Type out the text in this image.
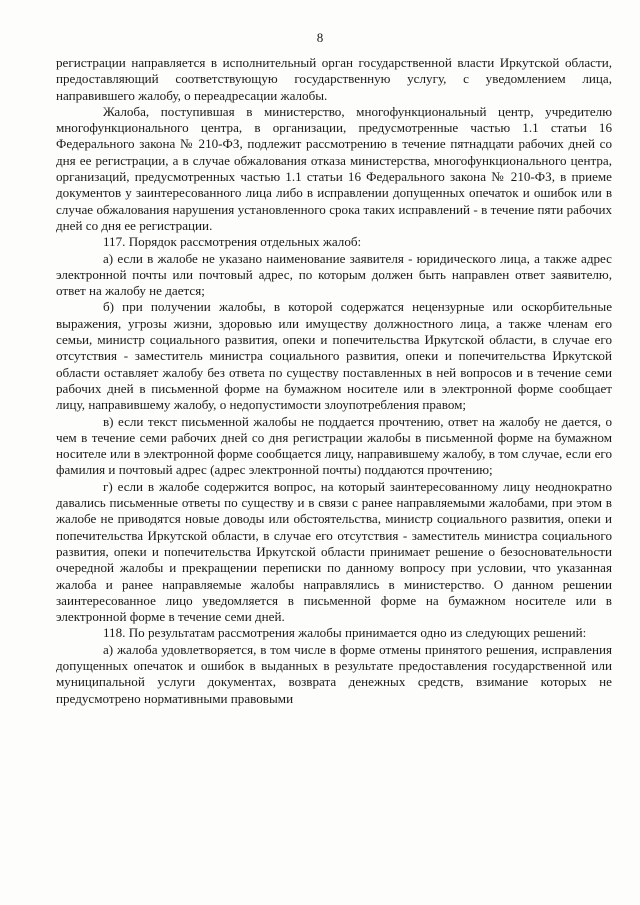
8

регистрации направляется в исполнительный орган государственной власти Иркутской области, предоставляющий соответствующую государственную услугу, с уведомлением лица, направившего жалобу, о переадресации жалобы.

Жалоба, поступившая в министерство, многофункциональный центр, учредителю многофункционального центра, в организации, предусмотренные частью 1.1 статьи 16 Федерального закона № 210-ФЗ, подлежит рассмотрению в течение пятнадцати рабочих дней со дня ее регистрации, а в случае обжалования отказа министерства, многофункционального центра, организаций, предусмотренных частью 1.1 статьи 16 Федерального закона № 210-ФЗ, в приеме документов у заинтересованного лица либо в исправлении допущенных опечаток и ошибок или в случае обжалования нарушения установленного срока таких исправлений - в течение пяти рабочих дней со дня ее регистрации.

117. Порядок рассмотрения отдельных жалоб:

а) если в жалобе не указано наименование заявителя - юридического лица, а также адрес электронной почты или почтовый адрес, по которым должен быть направлен ответ заявителю, ответ на жалобу не дается;

б) при получении жалобы, в которой содержатся нецензурные или оскорбительные выражения, угрозы жизни, здоровью или имуществу должностного лица, а также членам его семьи, министр социального развития, опеки и попечительства Иркутской области, в случае его отсутствия - заместитель министра социального развития, опеки и попечительства Иркутской области оставляет жалобу без ответа по существу поставленных в ней вопросов и в течение семи рабочих дней в письменной форме на бумажном носителе или в электронной форме сообщает лицу, направившему жалобу, о недопустимости злоупотребления правом;

в) если текст письменной жалобы не поддается прочтению, ответ на жалобу не дается, о чем в течение семи рабочих дней со дня регистрации жалобы в письменной форме на бумажном носителе или в электронной форме сообщается лицу, направившему жалобу, в том случае, если его фамилия и почтовый адрес (адрес электронной почты) поддаются прочтению;

г) если в жалобе содержится вопрос, на который заинтересованному лицу неоднократно давались письменные ответы по существу и в связи с ранее направляемыми жалобами, при этом в жалобе не приводятся новые доводы или обстоятельства, министр социального развития, опеки и попечительства Иркутской области, в случае его отсутствия - заместитель министра социального развития, опеки и попечительства Иркутской области принимает решение о безосновательности очередной жалобы и прекращении переписки по данному вопросу при условии, что указанная жалоба и ранее направляемые жалобы направлялись в министерство. О данном решении заинтересованное лицо уведомляется в письменной форме на бумажном носителе или в электронной форме в течение семи дней.

118. По результатам рассмотрения жалобы принимается одно из следующих решений:

а) жалоба удовлетворяется, в том числе в форме отмены принятого решения, исправления допущенных опечаток и ошибок в выданных в результате предоставления государственной или муниципальной услуги документах, возврата денежных средств, взимание которых не предусмотрено нормативными правовыми
